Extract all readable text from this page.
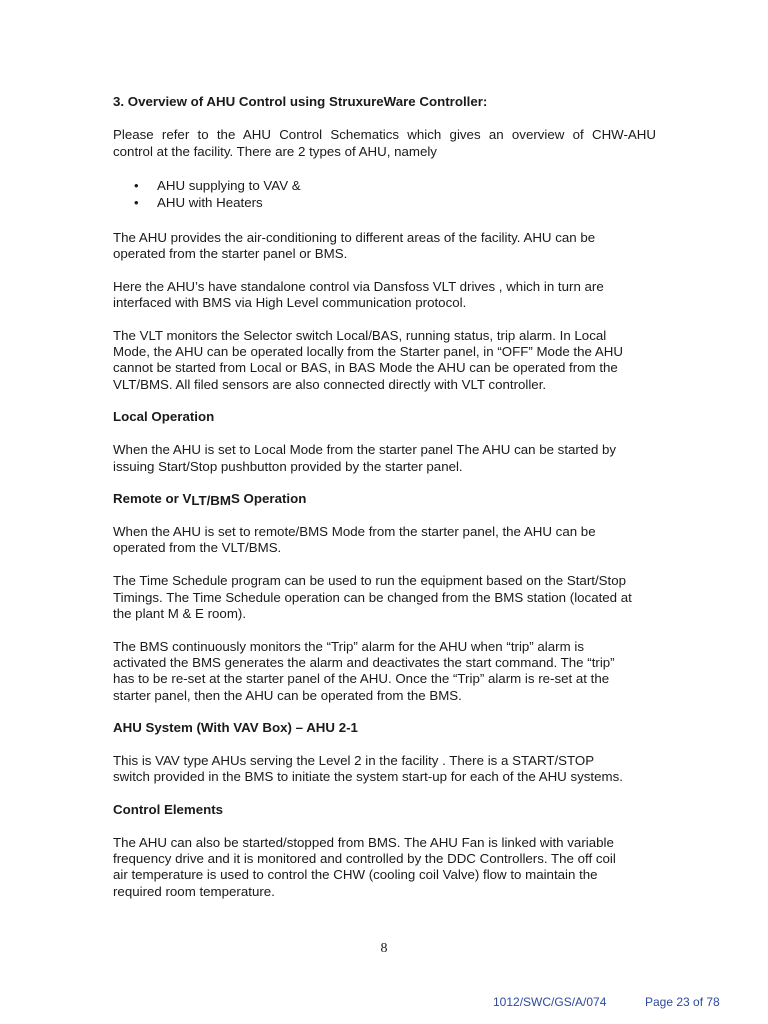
3. Overview of AHU Control using StruxureWare Controller:
Please refer to the AHU Control Schematics which gives an overview of CHW-AHU
control at the facility. There are 2 types of AHU, namely
• AHU supplying to VAV &
• AHU with Heaters
The AHU provides the air-conditioning to different areas of the facility. AHU can be
operated from the starter panel or BMS.
Here the AHU’s have standalone control via Dansfoss VLT drives , which in turn are
interfaced with BMS via High Level communication protocol.
The VLT monitors the Selector switch Local/BAS, running status, trip alarm. In Local
Mode, the AHU can be operated locally from the Starter panel, in “OFF” Mode the AHU
cannot be started from Local or BAS, in BAS Mode the AHU can be operated from the
VLT/BMS. All filed sensors are also connected directly with VLT controller.
Local Operation
When the AHU is set to Local Mode from the starter panel The AHU can be started by
issuing Start/Stop pushbutton provided by the starter panel.
Remote or VLT/BMS Operation
When the AHU is set to remote/BMS Mode from the starter panel, the AHU can be
operated from the VLT/BMS.
The Time Schedule program can be used to run the equipment based on the Start/Stop
Timings. The Time Schedule operation can be changed from the BMS station (located at
the plant M & E room).
The BMS continuously monitors the “Trip” alarm for the AHU when “trip” alarm is
activated the BMS generates the alarm and deactivates the start command. The “trip”
has to be re-set at the starter panel of the AHU. Once the “Trip” alarm is re-set at the
starter panel, then the AHU can be operated from the BMS.
AHU System (With VAV Box) – AHU 2-1
This is VAV type AHUs serving the Level 2 in the facility . There is a START/STOP
switch provided in the BMS to initiate the system start-up for each of the AHU systems.
Control Elements
The AHU can also be started/stopped from BMS. The AHU Fan is linked with variable
frequency drive and it is monitored and controlled by the DDC Controllers. The off coil
air temperature is used to control the CHW (cooling coil Valve) flow to maintain the
required room temperature.
8
1012/SWC/GS/A/074	Page 23 of 78
